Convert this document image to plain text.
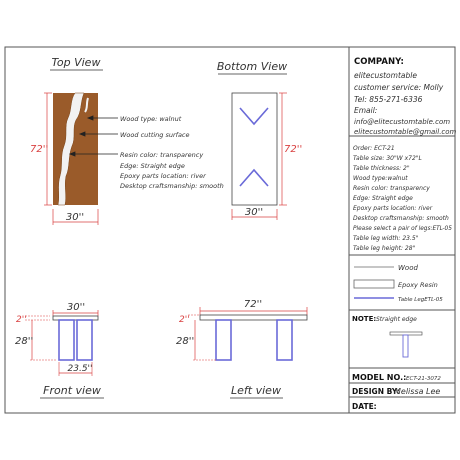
Top View
72''
30''
Wood type: walnut
Wood cutting surface
Resin color: transparency
Edge: Straight edge
Epoxy parts location: river
Desktop craftsmanship: smooth
Bottom View
72''
30''
30''
2''
28''
23.5''
Front view
72''
2''
28''
Left view
COMPANY:
elitecustomtable
customer service: Molly
Tel: 855-271-6336
Email:
info@elitecustomtable.com
elitecustomtable@gmail.com
Order: ECT-21
Table size: 30"W x72"L
Table thickness: 2"
Wood type:walnut
Resin color: transparency
Edge: Straight edge
Epoxy parts location: river
Desktop craftsmanship: smooth
Please select a pair of legs:ETL-05
Table leg width: 23.5"
Table leg height: 28"
Wood
Epoxy Resin
Table LegETL-05
NOTE: Straight edge
MODEL NO.: ECT-21-3072
DESIGN BY:
Melissa Lee
DATE:
